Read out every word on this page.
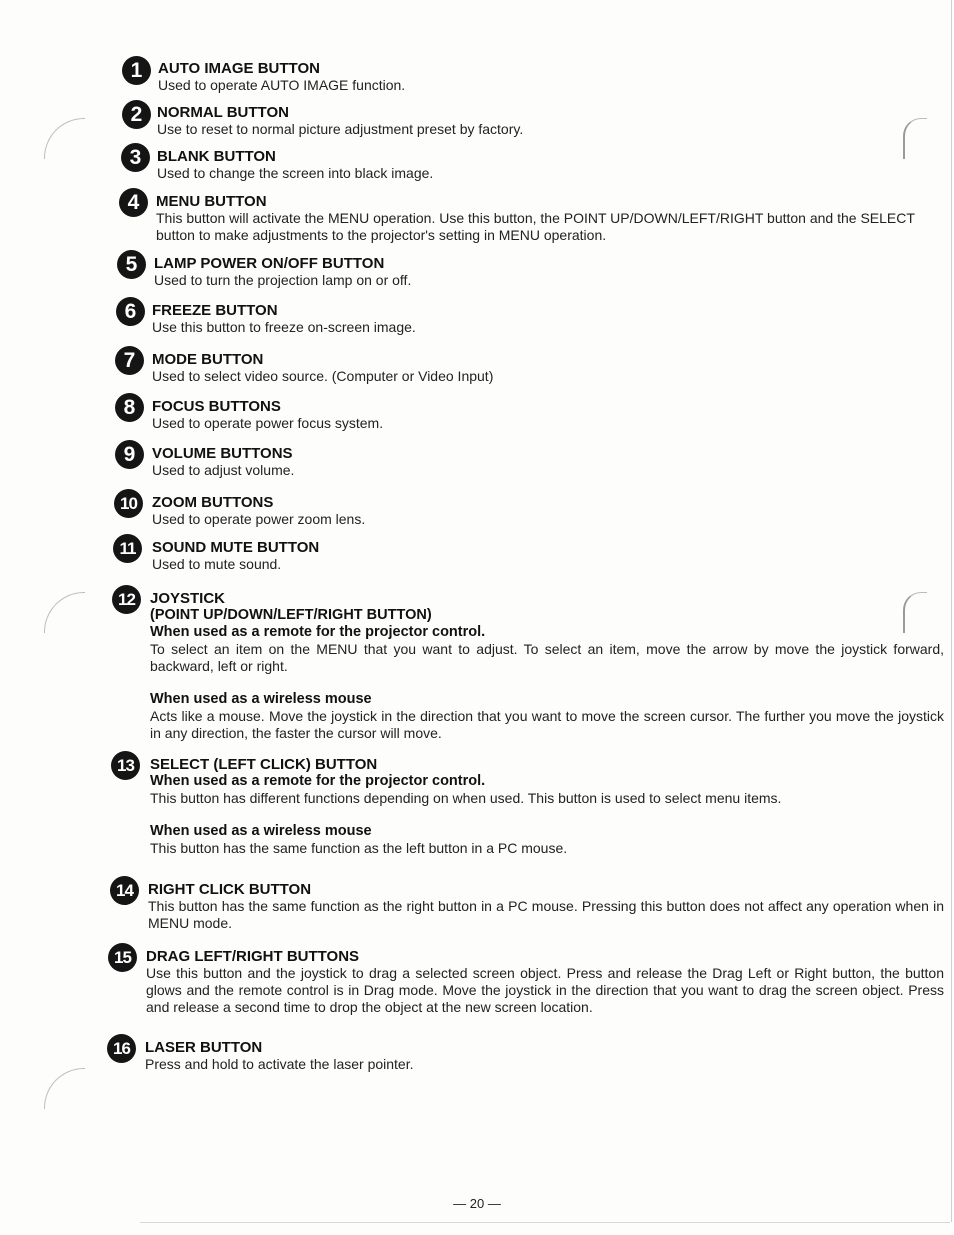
1	AUTO IMAGE BUTTON
Used to operate AUTO IMAGE function.
2 NORMAL BUTTON
Use to reset to normal picture adjustment preset by factory.
3	BLANK BUTTON
Used to change the screen into black image.
4	MENU BUTTON
This button will activate the MENU operation. Use this button, the POINT UP/DOWN/LEFT/RIGHT button and the SELECT button to make adjustments to the projector's setting in MENU operation.
5	LAMP POWER ON/OFF BUTTON
Used to turn the projection lamp on or off.
6	FREEZE BUTTON
Use this button to freeze on-screen image.
7	MODE BUTTON
Used to select video source. (Computer or Video Input)
8	FOCUS BUTTONS
Used to operate power focus system.
9	VOLUME BUTTONS
Used to adjust volume.
10	ZOOM BUTTONS
Used to operate power zoom lens.
11	SOUND MUTE BUTTON
Used to mute sound.
12	JOYSTICK
(POINT UP/DOWN/LEFT/RIGHT BUTTON)
When used as a remote for the projector control.
To select an item on the MENU that you want to adjust. To select an item, move the arrow by move the joystick forward, backward, left or right.
When used as a wireless mouse
Acts like a mouse. Move the joystick in the direction that you want to move the screen cursor. The further you move the joystick in any direction, the faster the cursor will move.
13	SELECT (LEFT CLICK) BUTTON
When used as a remote for the projector control.
This button has different functions depending on when used. This button is used to select menu items.
When used as a wireless mouse
This button has the same function as the left button in a PC mouse.
14	RIGHT CLICK BUTTON
This button has the same function as the right button in a PC mouse. Pressing this button does not affect any operation when in MENU mode.
15	DRAG LEFT/RIGHT BUTTONS
Use this button and the joystick to drag a selected screen object. Press and release the Drag Left or Right button, the button glows and the remote control is in Drag mode. Move the joystick in the direction that you want to drag the screen object. Press and release a second time to drop the object at the new screen location.
16	LASER BUTTON
Press and hold to activate the laser pointer.
— 20 —
